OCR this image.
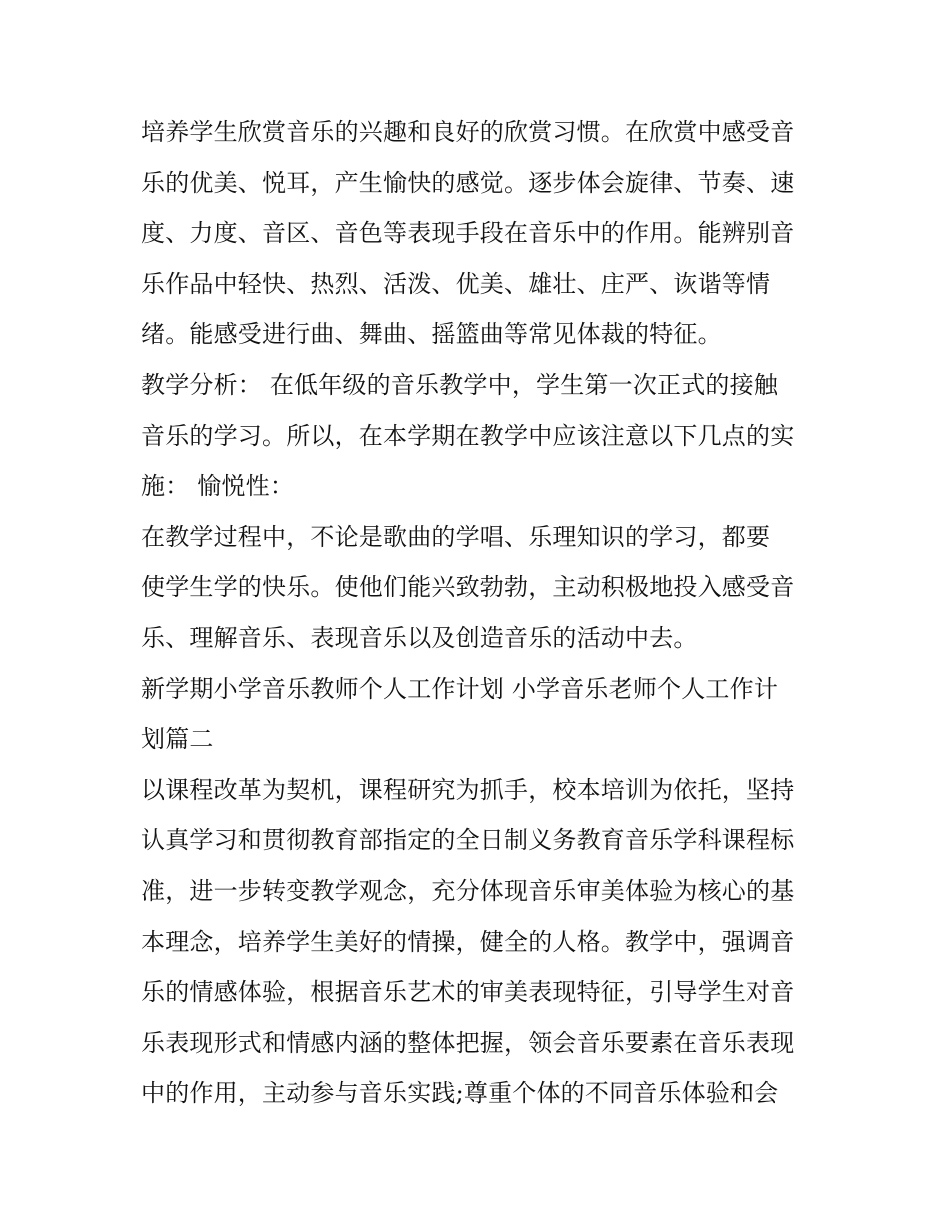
培养学生欣赏音乐的兴趣和良好的欣赏习惯。在欣赏中感受音
乐的优美、悦耳，产生愉快的感觉。逐步体会旋律、节奏、速
度、力度、音区、音色等表现手段在音乐中的作用。能辨别音
乐作品中轻快、热烈、活泼、优美、雄壮、庄严、诙谐等情
绪。能感受进行曲、舞曲、摇篮曲等常见体裁的特征。
教学分析： 在低年级的音乐教学中，学生第一次正式的接触
音乐的学习。所以，在本学期在教学中应该注意以下几点的实
施： 愉悦性：
在教学过程中，不论是歌曲的学唱、乐理知识的学习，都要
使学生学的快乐。使他们能兴致勃勃，主动积极地投入感受音
乐、理解音乐、表现音乐以及创造音乐的活动中去。
新学期小学音乐教师个人工作计划 小学音乐老师个人工作计
划篇二
以课程改革为契机，课程研究为抓手，校本培训为依托，坚持
认真学习和贯彻教育部指定的全日制义务教育音乐学科课程标
准，进一步转变教学观念，充分体现音乐审美体验为核心的基
本理念，培养学生美好的情操，健全的人格。教学中，强调音
乐的情感体验，根据音乐艺术的审美表现特征，引导学生对音
乐表现形式和情感内涵的整体把握，领会音乐要素在音乐表现
中的作用，主动参与音乐实践;尊重个体的不同音乐体验和会
